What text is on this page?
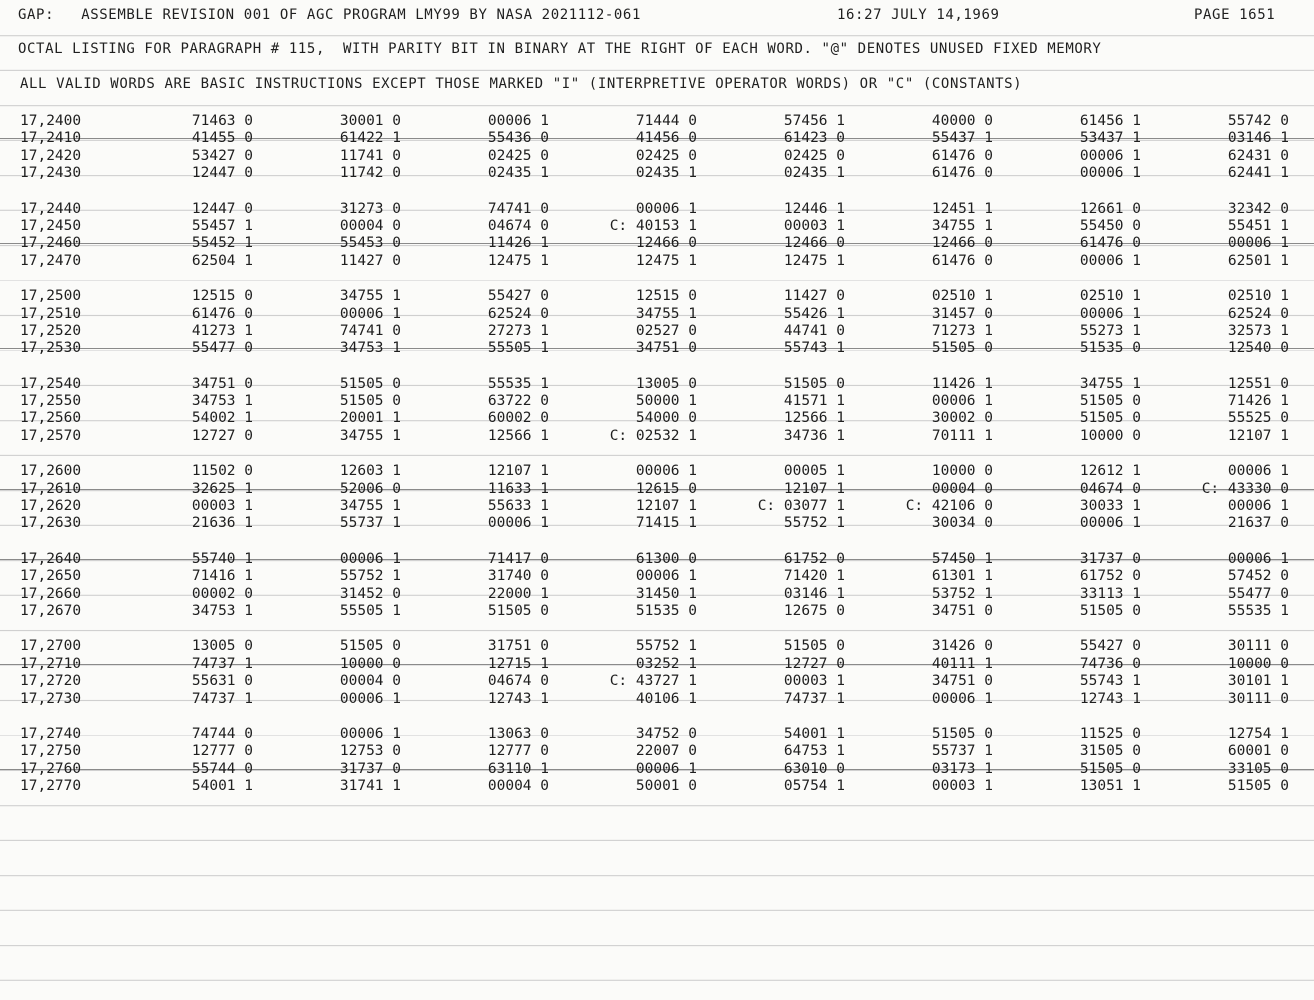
GAP:   ASSEMBLE REVISION 001 OF AGC PROGRAM LMY99 BY NASA 2021112-061

	16:27 JULY 14,1969

	PAGE 1651

OCTAL LISTING FOR PARAGRAPH # 115,  WITH PARITY BIT IN BINARY AT THE RIGHT OF EACH WORD. "@" DENOTES UNUSED FIXED MEMORY

ALL VALID WORDS ARE BASIC INSTRUCTIONS EXCEPT THOSE MARKED "I" (INTERPRETIVE OPERATOR WORDS) OR "C" (CONSTANTS)

17,2400	71463 0	30001 0	00006 1	71444 0	57456 1	40000 0	61456 1	55742 0
17,2410	41455 0	61422 1	55436 0	41456 0	61423 0	55437 1	53437 1	03146 1
17,2420	53427 0	11741 0	02425 0	02425 0	02425 0	61476 0	00006 1	62431 0
17,2430	12447 0	11742 0	02435 1	02435 1	02435 1	61476 0	00006 1	62441 1
17,2440	12447 0	31273 0	74741 0	00006 1	12446 1	12451 1	12661 0	32342 0
17,2450	55457 1	00004 0	04674 0	C: 40153 1	00003 1	34755 1	55450 0	55451 1
17,2460	55452 1	55453 0	11426 1	12466 0	12466 0	12466 0	61476 0	00006 1
17,2470	62504 1	11427 0	12475 1	12475 1	12475 1	61476 0	00006 1	62501 1
17,2500	12515 0	34755 1	55427 0	12515 0	11427 0	02510 1	02510 1	02510 1
17,2510	61476 0	00006 1	62524 0	34755 1	55426 1	31457 0	00006 1	62524 0
17,2520	41273 1	74741 0	27273 1	02527 0	44741 0	71273 1	55273 1	32573 1
17,2530	55477 0	34753 1	55505 1	34751 0	55743 1	51505 0	51535 0	12540 0
17,2540	34751 0	51505 0	55535 1	13005 0	51505 0	11426 1	34755 1	12551 0
17,2550	34753 1	51505 0	63722 0	50000 1	41571 1	00006 1	51505 0	71426 1
17,2560	54002 1	20001 1	60002 0	54000 0	12566 1	30002 0	51505 0	55525 0
17,2570	12727 0	34755 1	12566 1	C: 02532 1	34736 1	70111 1	10000 0	12107 1
17,2600	11502 0	12603 1	12107 1	00006 1	00005 1	10000 0	12612 1	00006 1
17,2610	32625 1	52006 0	11633 1	12615 0	12107 1	00004 0	04674 0	C: 43330 0
17,2620	00003 1	34755 1	55633 1	12107 1	C: 03077 1	C: 42106 0	30033 1	00006 1
17,2630	21636 1	55737 1	00006 1	71415 1	55752 1	30034 0	00006 1	21637 0
17,2640	55740 1	00006 1	71417 0	61300 0	61752 0	57450 1	31737 0	00006 1
17,2650	71416 1	55752 1	31740 0	00006 1	71420 1	61301 1	61752 0	57452 0
17,2660	00002 0	31452 0	22000 1	31450 1	03146 1	53752 1	33113 1	55477 0
17,2670	34753 1	55505 1	51505 0	51535 0	12675 0	34751 0	51505 0	55535 1
17,2700	13005 0	51505 0	31751 0	55752 1	51505 0	31426 0	55427 0	30111 0
17,2710	74737 1	10000 0	12715 1	03252 1	12727 0	40111 1	74736 0	10000 0
17,2720	55631 0	00004 0	04674 0	C: 43727 1	00003 1	34751 0	55743 1	30101 1
17,2730	74737 1	00006 1	12743 1	40106 1	74737 1	00006 1	12743 1	30111 0
17,2740	74744 0	00006 1	13063 0	34752 0	54001 1	51505 0	11525 0	12754 1
17,2750	12777 0	12753 0	12777 0	22007 0	64753 1	55737 1	31505 0	60001 0
17,2760	55744 0	31737 0	63110 1	00006 1	63010 0	03173 1	51505 0	33105 0
17,2770	54001 1	31741 1	00004 0	50001 0	05754 1	00003 1	13051 1	51505 0
